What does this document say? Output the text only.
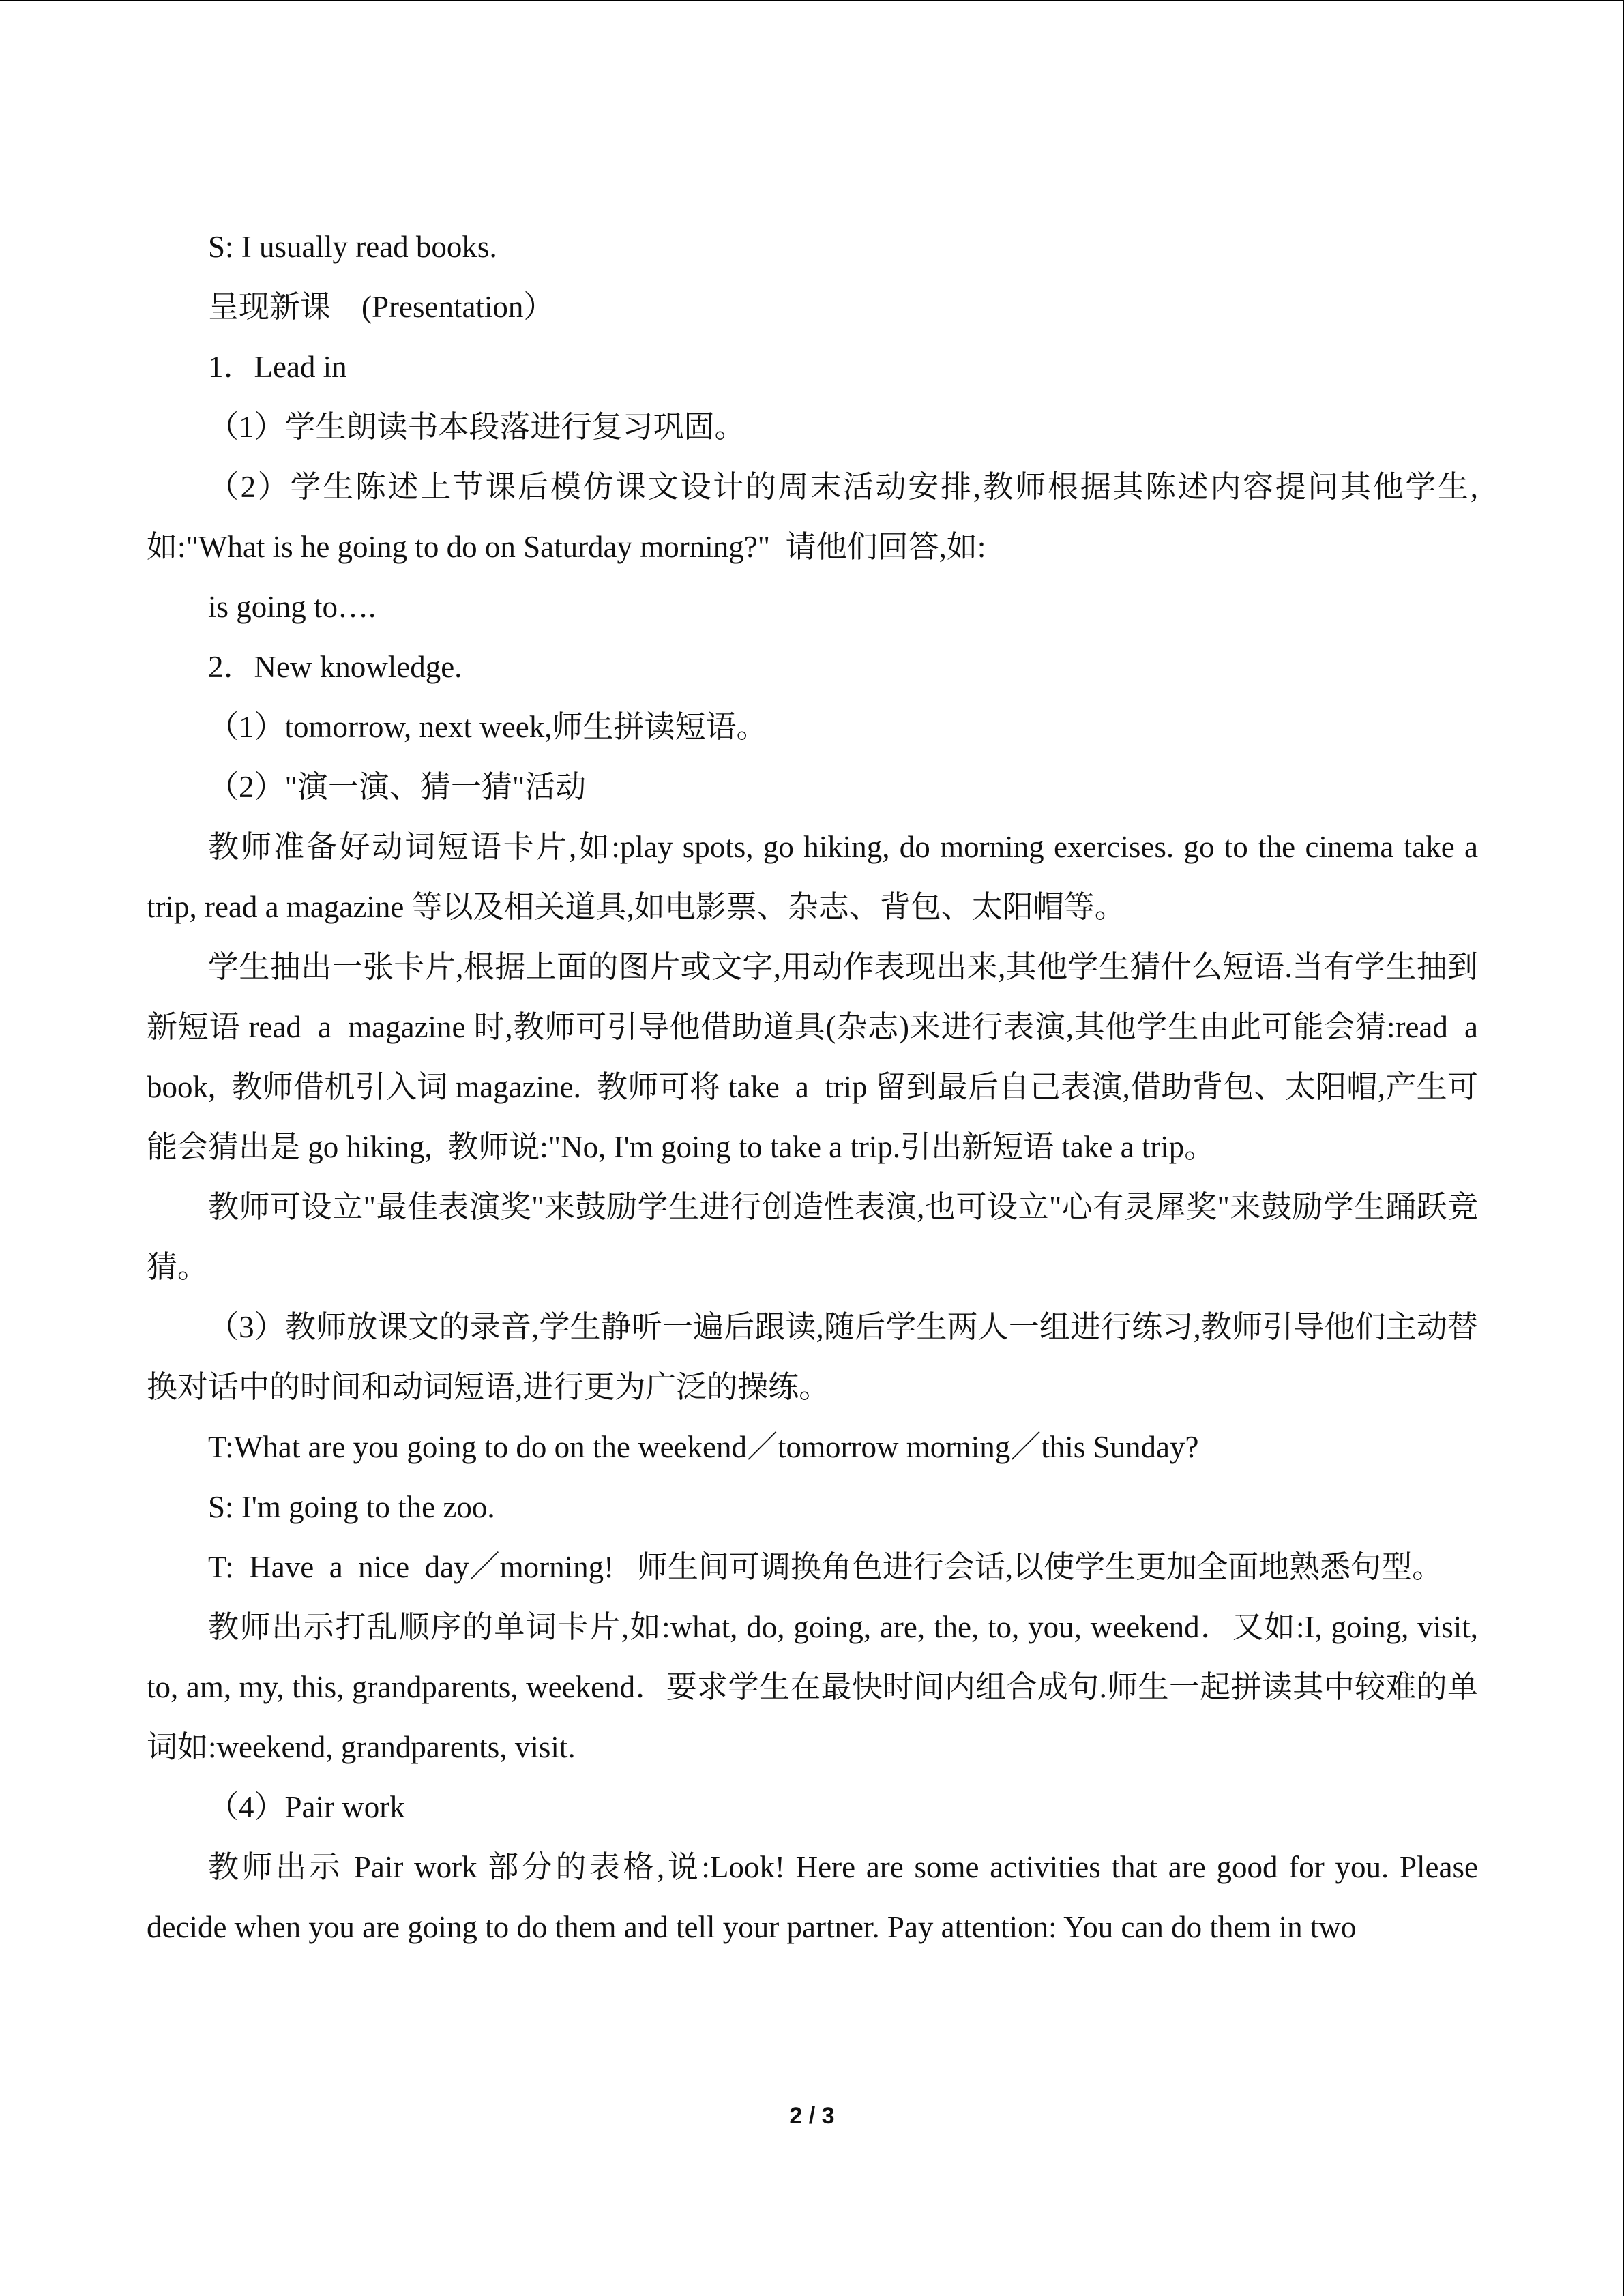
S: I usually read books.

呈现新课　(Presentation）

1．Lead in

（1）学生朗读书本段落进行复习巩固。

（2）学生陈述上节课后模仿课文设计的周末活动安排,教师根据其陈述内容提问其他学生,如:"What is he going to do on Saturday morning?"  请他们回答,如:

is going to….

2．New knowledge.

（1）tomorrow, next week,师生拼读短语。

（2）"演一演、猜一猜"活动

教师准备好动词短语卡片,如:play spots, go hiking, do morning exercises. go to the cinema take a trip, read a magazine 等以及相关道具,如电影票、杂志、背包、太阳帽等。

学生抽出一张卡片,根据上面的图片或文字,用动作表现出来,其他学生猜什么短语.当有学生抽到新短语 read  a  magazine 时,教师可引导他借助道具(杂志)来进行表演,其他学生由此可能会猜:read  a  book,  教师借机引入词 magazine.  教师可将 take  a  trip 留到最后自己表演,借助背包、太阳帽,产生可能会猜出是 go hiking,  教师说:"No, I'm going to take a trip.引出新短语 take a trip。

教师可设立"最佳表演奖"来鼓励学生进行创造性表演,也可设立"心有灵犀奖"来鼓励学生踊跃竞猜。

（3）教师放课文的录音,学生静听一遍后跟读,随后学生两人一组进行练习,教师引导他们主动替换对话中的时间和动词短语,进行更为广泛的操练。

T:What are you going to do on the weekend／tomorrow morning／this Sunday?

S: I'm going to the zoo.

T:  Have  a  nice  day／morning!   师生间可调换角色进行会话,以使学生更加全面地熟悉句型。

教师出示打乱顺序的单词卡片,如:what, do, going, are, the, to, you, weekend．又如:I, going, visit, to, am, my, this, grandparents, weekend．要求学生在最快时间内组合成句.师生一起拼读其中较难的单词如:weekend, grandparents, visit.

（4）Pair work

教师出示 Pair work 部分的表格,说:Look! Here are some activities that are good for you. Please decide when you are going to do them and tell your partner. Pay attention: You can do them in two

2 / 3
